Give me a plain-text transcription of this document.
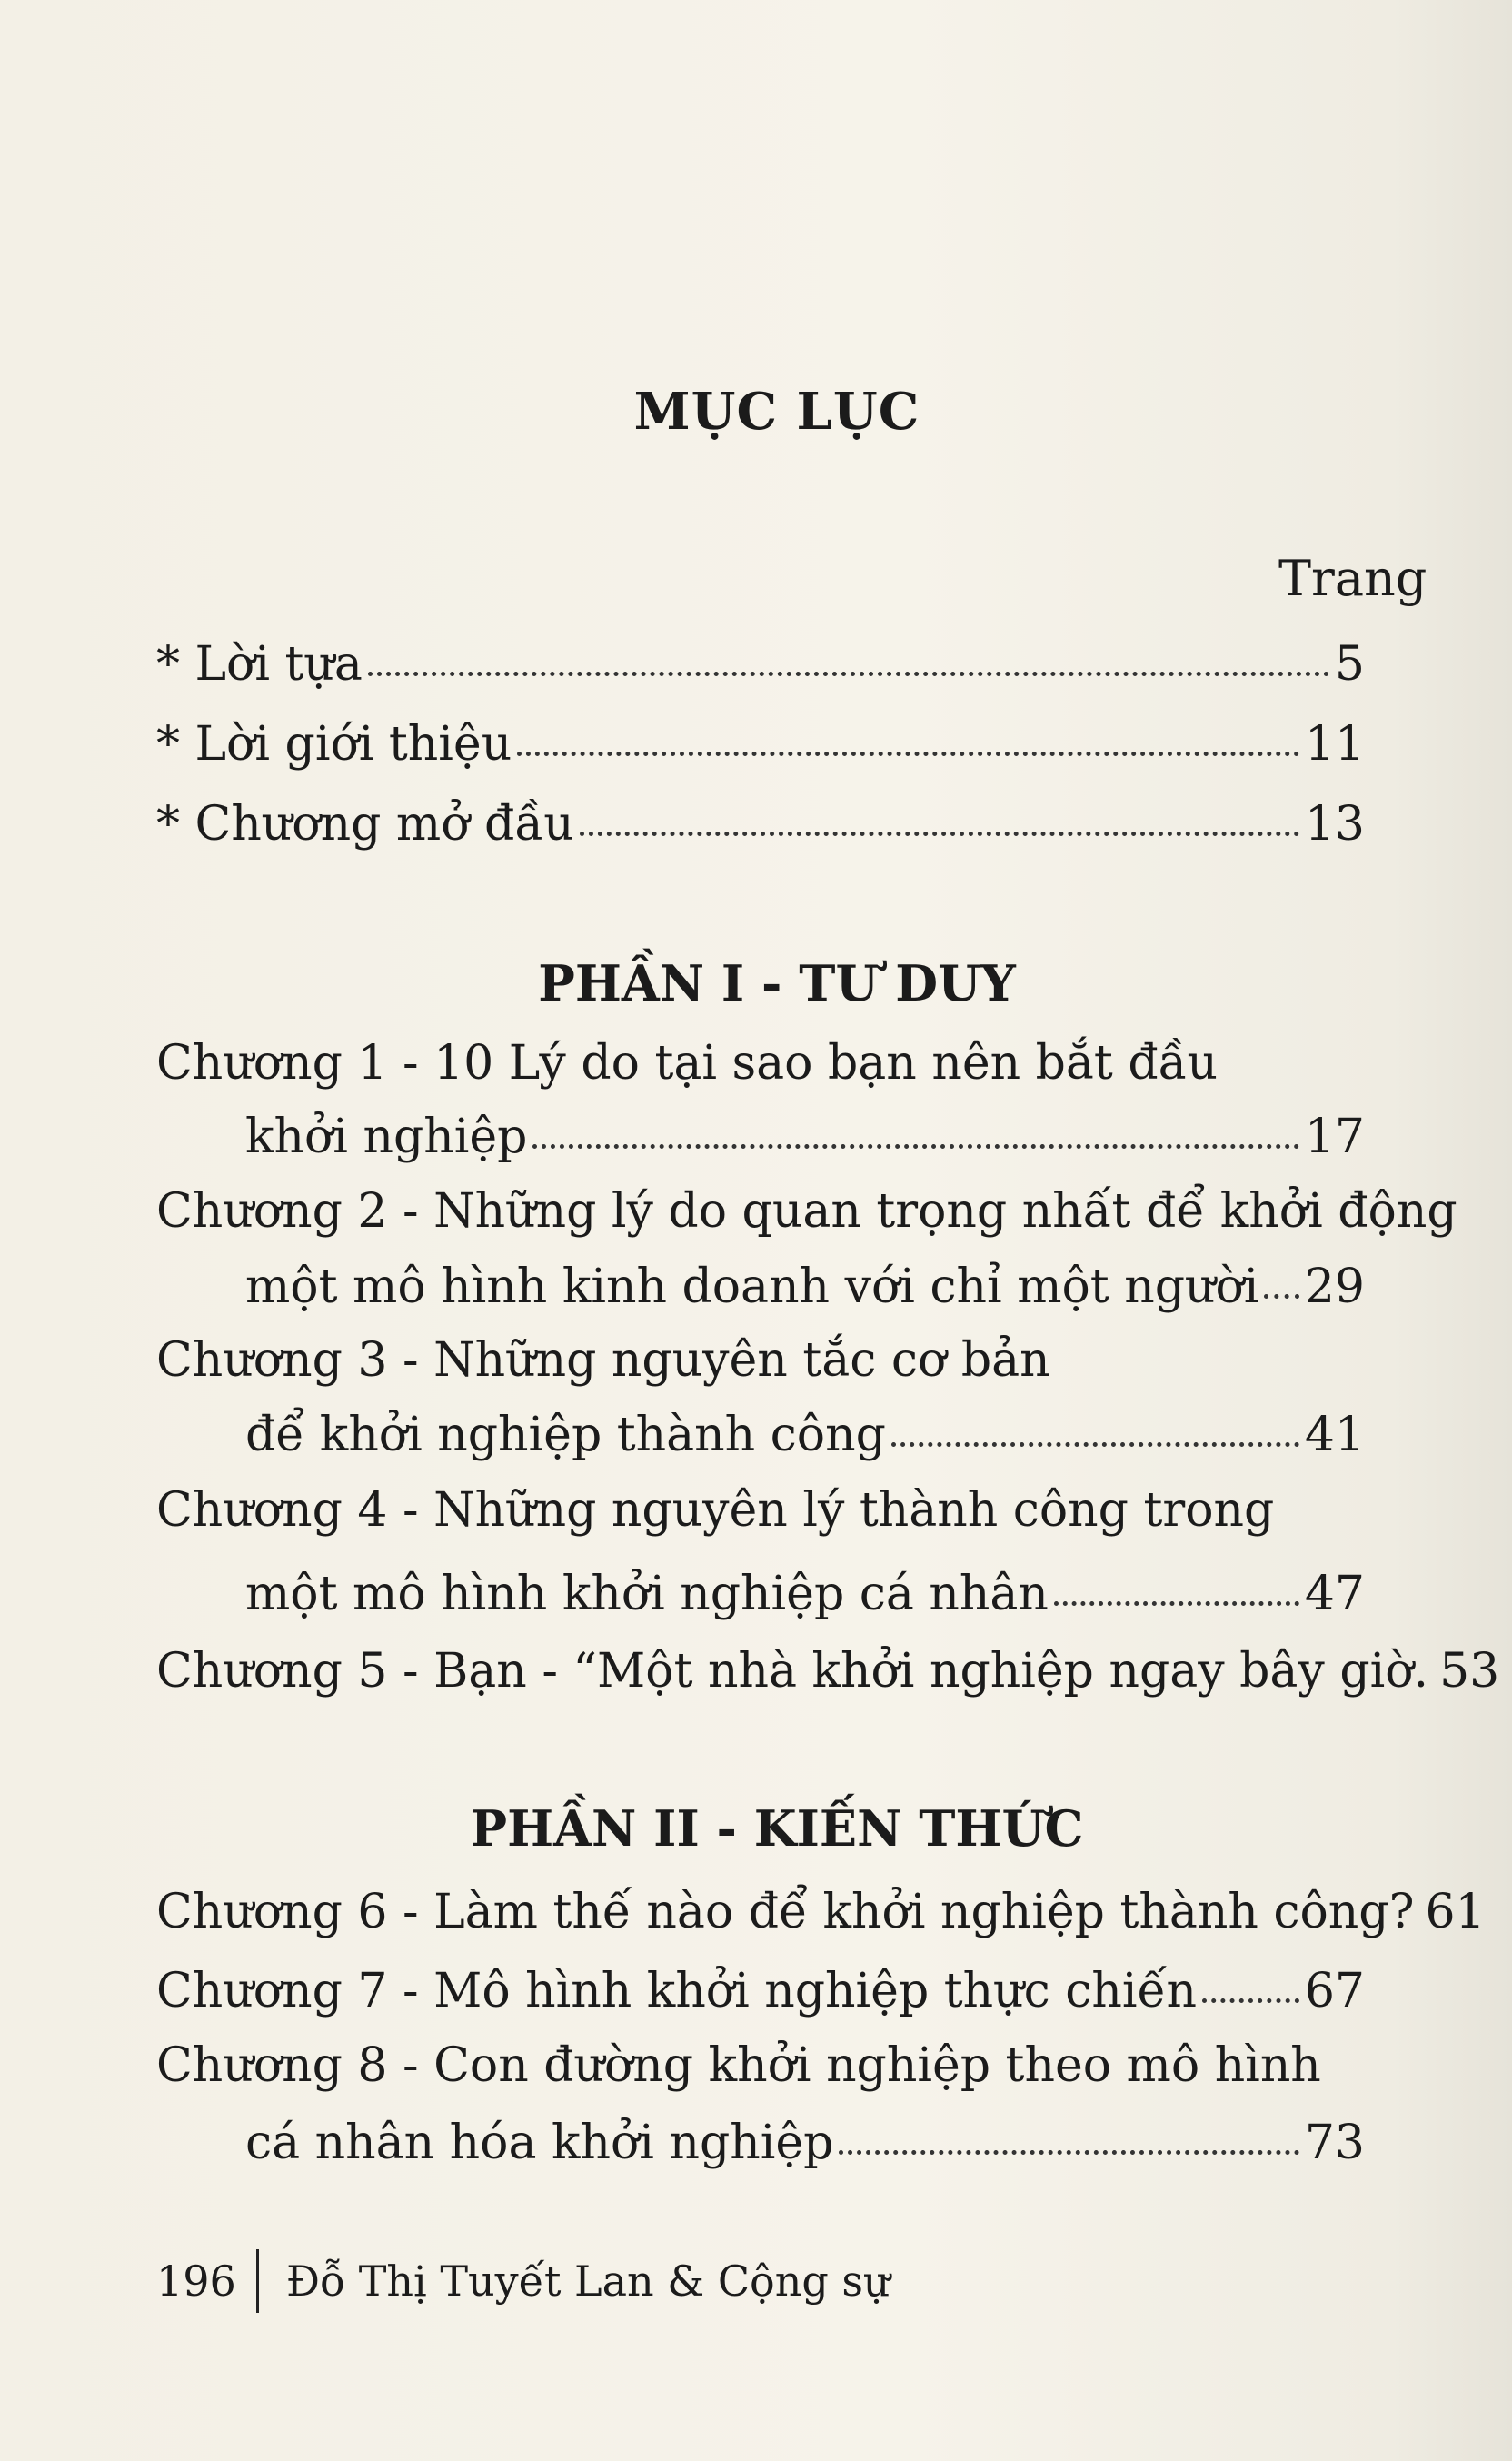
MỤC LỤC
Trang
* Lời tựa	5
* Lời giới thiệu	11
* Chương mở đầu	13
PHẦN I - TƯ DUY
Chương 1 - 10 Lý do tại sao bạn nên bắt đầu
khởi nghiệp	17
Chương 2 - Những lý do quan trọng nhất để khởi động
một mô hình kinh doanh với chỉ một người 29
Chương 3 - Những nguyên tắc cơ bản
để khởi nghiệp thành công	41
Chương 4 - Những nguyên lý thành công trong
một mô hình khởi nghiệp cá nhân	47
Chương 5 - Bạn - “Một nhà khởi nghiệp ngay bây giờ. 53
PHẦN II - KIẾN THỨC
Chương 6 - Làm thế nào để khởi nghiệp thành công? 61
Chương 7 - Mô hình khởi nghiệp thực chiến 67
Chương 8 - Con đường khởi nghiệp theo mô hình
cá nhân hóa khởi nghiệp	73
196 Đỗ Thị Tuyết Lan & Cộng sự
